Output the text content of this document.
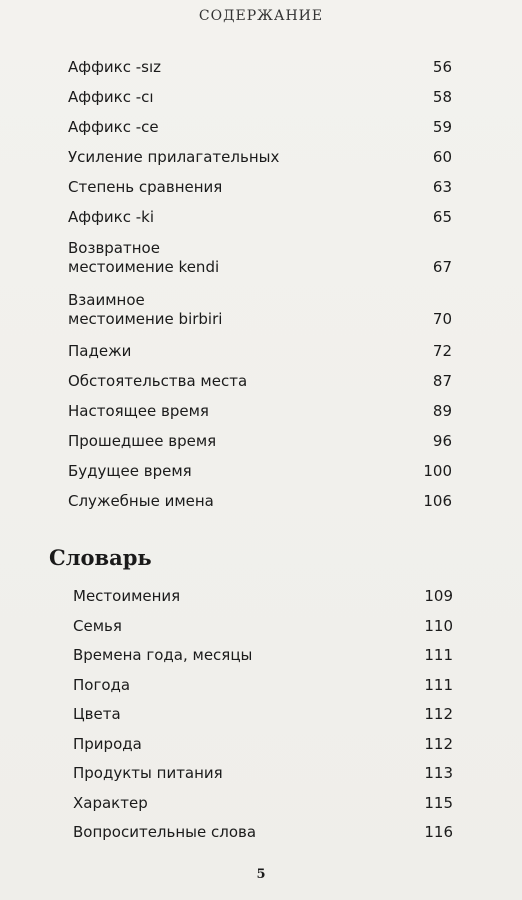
СОДЕРЖАНИЕ
Аффикс -sız	56
Аффикс -cı	58
Аффикс -ce	59
Усиление прилагательных	60
Степень сравнения	63
Аффикс -ki	65
Возвратное
местоимение kendi	67
Взаимное
местоимение birbiri	70
Падежи	72
Обстоятельства места	87
Настоящее время	89
Прошедшее время	96
Будущее время	100
Служебные имена	106
Словарь
Местоимения	109
Семья	110
Времена года, месяцы	111
Погода	111
Цвета	112
Природа	112
Продукты питания	113
Характер	115
Вопросительные слова	116
5
